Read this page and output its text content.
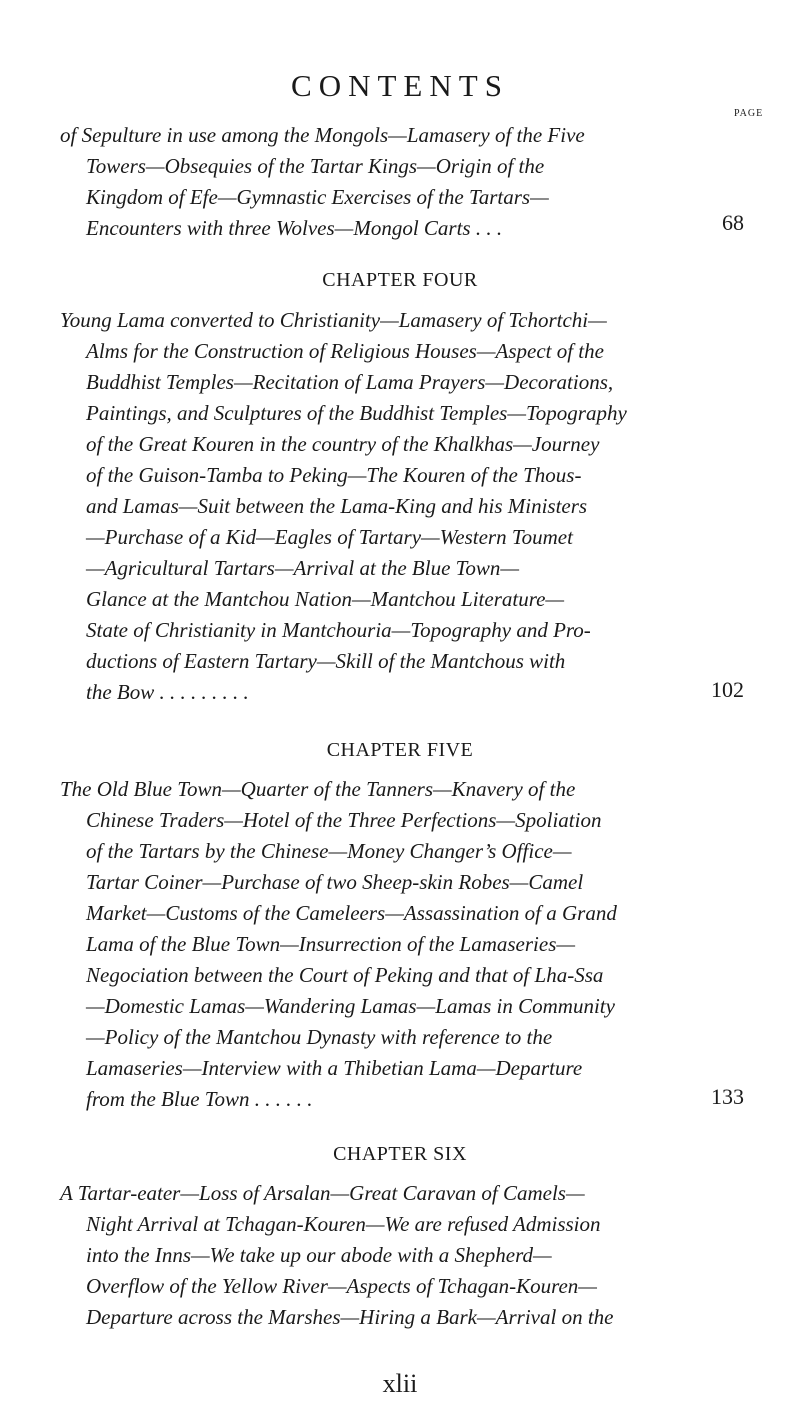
CONTENTS
PAGE
of Sepulture in use among the Mongols—Lamasery of the Five
Towers—Obsequies of the Tartar Kings—Origin of the
Kingdom of Efe—Gymnastic Exercises of the Tartars—
Encounters with three Wolves—Mongol Carts . . .	68
CHAPTER FOUR
Young Lama converted to Christianity—Lamasery of Tchortchi—
Alms for the Construction of Religious Houses—Aspect of the
Buddhist Temples—Recitation of Lama Prayers—Decorations,
Paintings, and Sculptures of the Buddhist Temples—Topography
of the Great Kouren in the country of the Khalkhas—Journey
of the Guison-Tamba to Peking—The Kouren of the Thous-
and Lamas—Suit between the Lama-King and his Ministers
—Purchase of a Kid—Eagles of Tartary—Western Toumet
—Agricultural Tartars—Arrival at the Blue Town—
Glance at the Mantchou Nation—Mantchou Literature—
State of Christianity in Mantchouria—Topography and Pro-
ductions of Eastern Tartary—Skill of the Mantchous with
the Bow . . . . . . . . .	102
CHAPTER FIVE
The Old Blue Town—Quarter of the Tanners—Knavery of the
Chinese Traders—Hotel of the Three Perfections—Spoliation
of the Tartars by the Chinese—Money Changer’s Office—
Tartar Coiner—Purchase of two Sheep-skin Robes—Camel
Market—Customs of the Cameleers—Assassination of a Grand
Lama of the Blue Town—Insurrection of the Lamaseries—
Negociation between the Court of Peking and that of Lha-Ssa
—Domestic Lamas—Wandering Lamas—Lamas in Community
—Policy of the Mantchou Dynasty with reference to the
Lamaseries—Interview with a Thibetian Lama—Departure
from the Blue Town . . . . . .	133
CHAPTER SIX
A Tartar-eater—Loss of Arsalan—Great Caravan of Camels—
Night Arrival at Tchagan-Kouren—We are refused Admission
into the Inns—We take up our abode with a Shepherd—
Overflow of the Yellow River—Aspects of Tchagan-Kouren—
Departure across the Marshes—Hiring a Bark—Arrival on the
xlii
